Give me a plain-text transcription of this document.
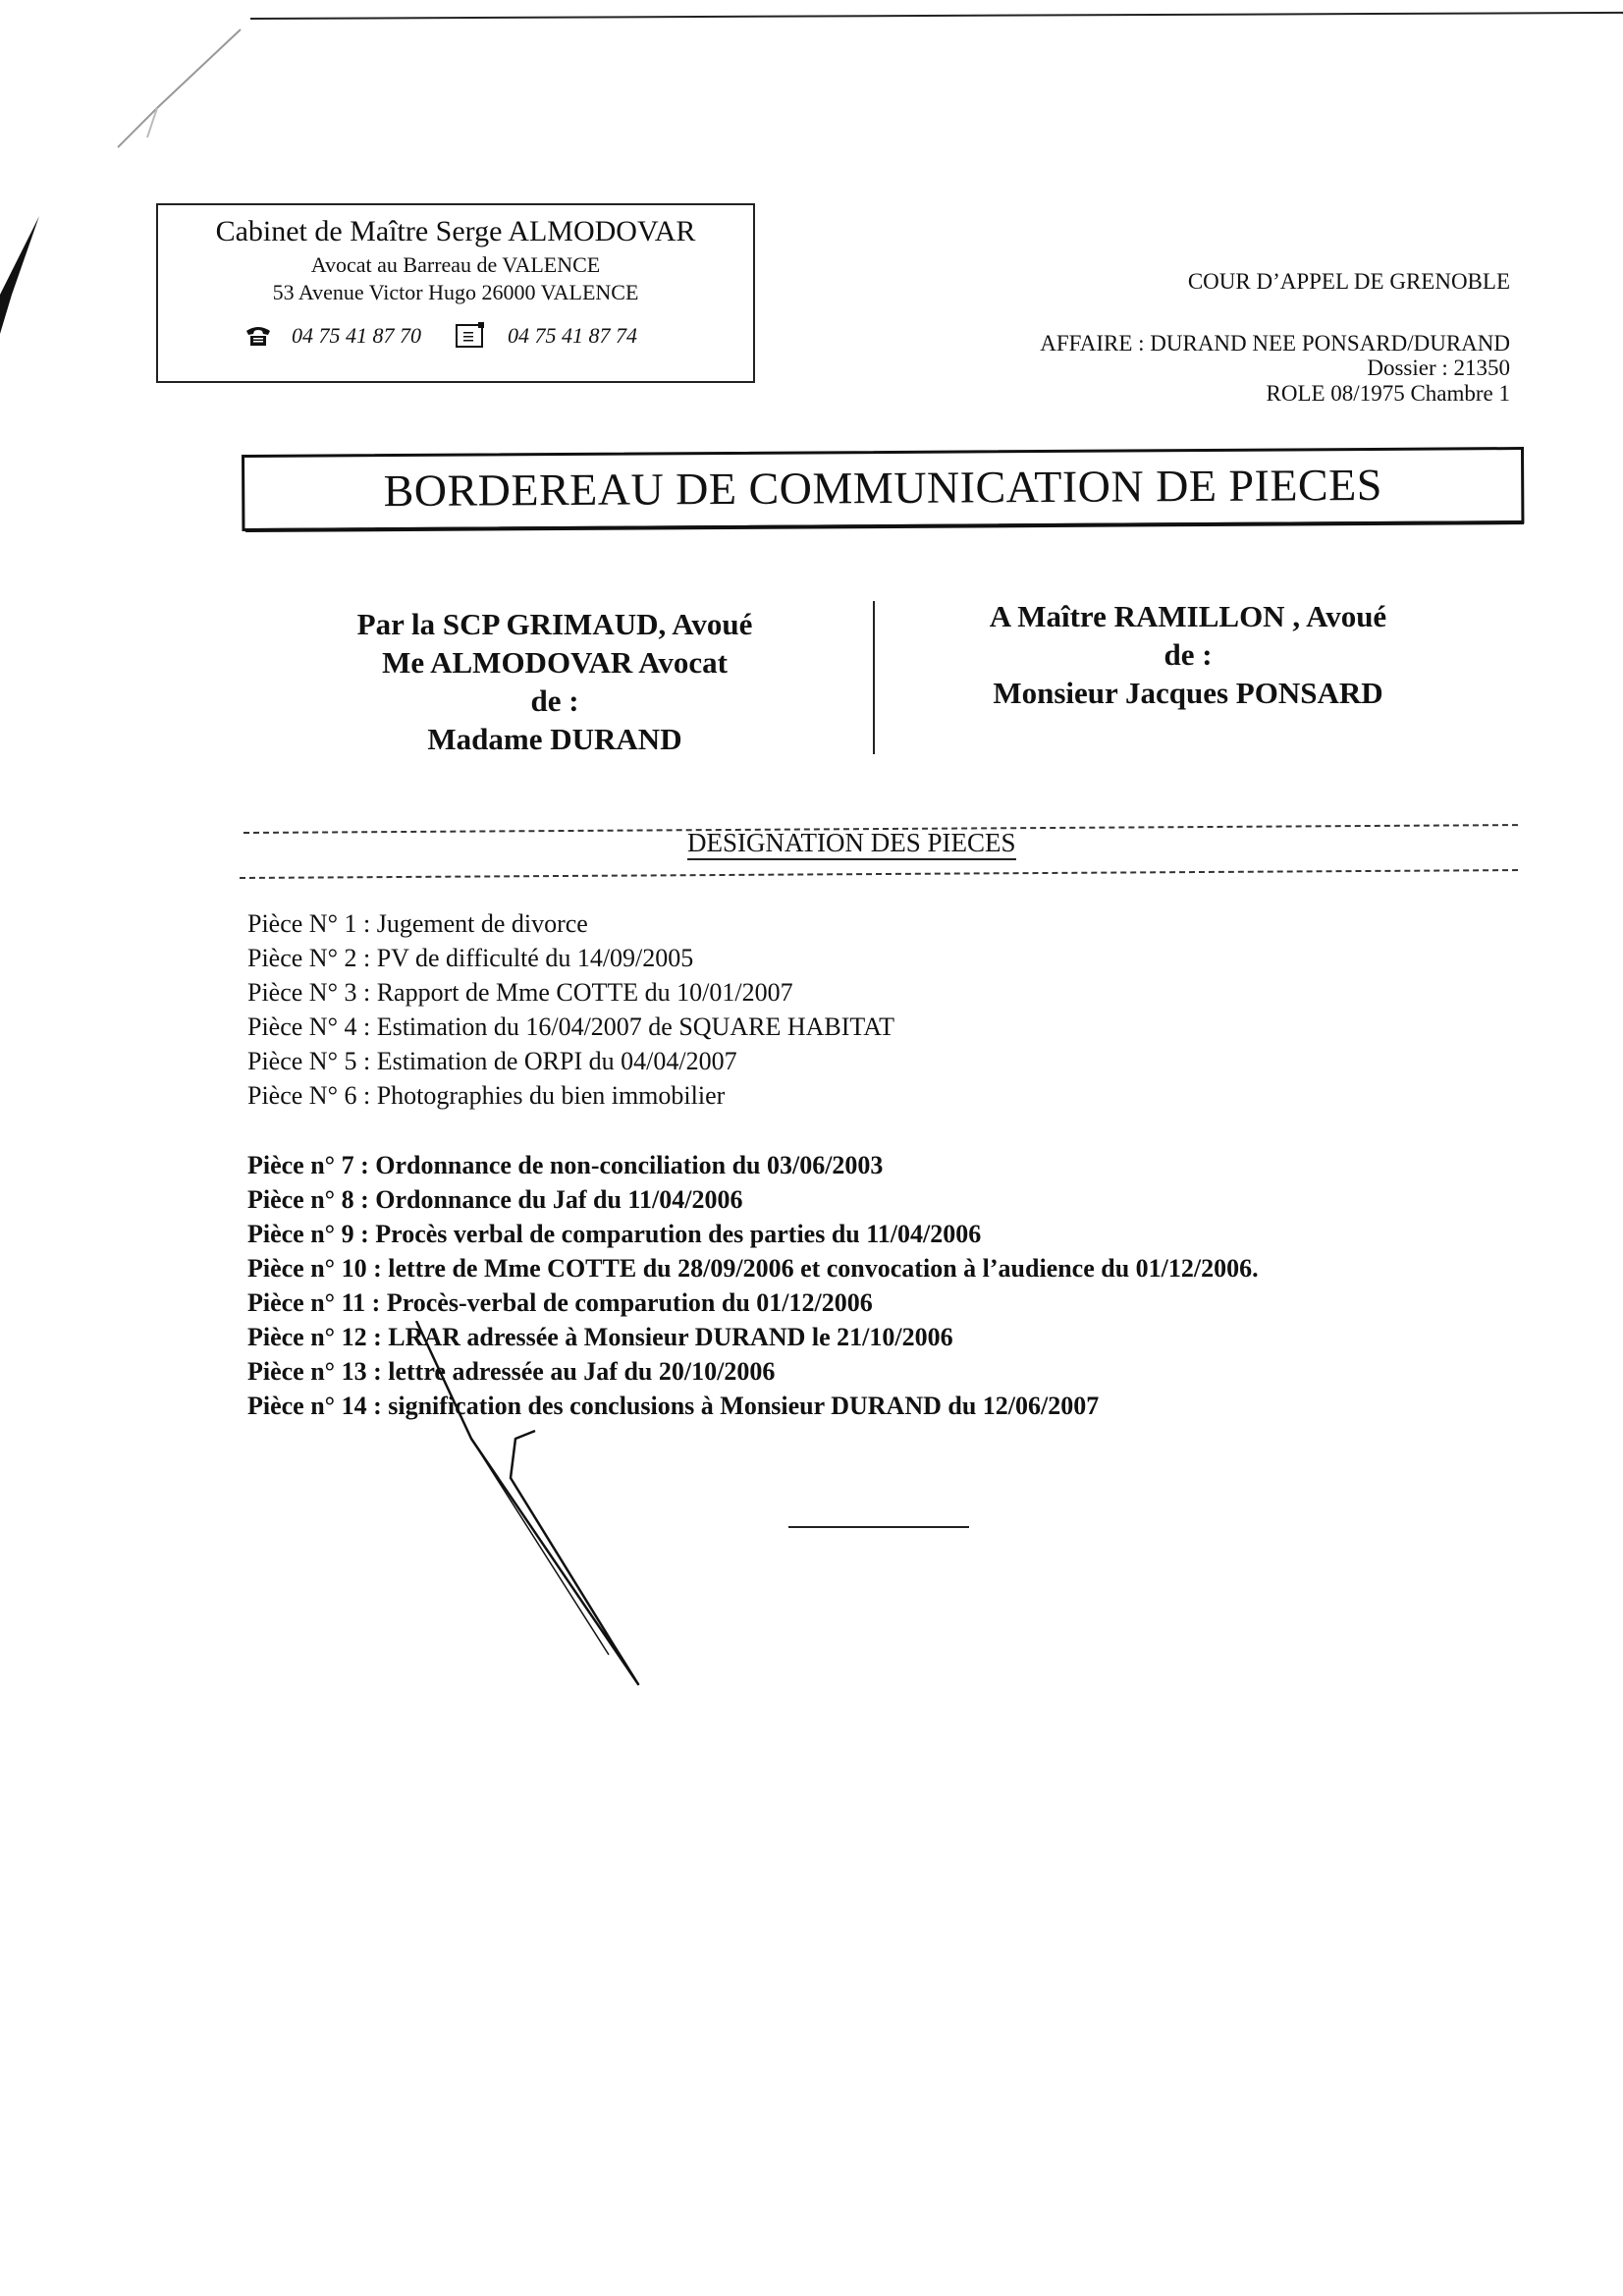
Cabinet de Maître Serge ALMODOVAR
Avocat au Barreau de VALENCE
53 Avenue Victor Hugo 26000 VALENCE
04 75 41 87 70	04 75 41 87 74
COUR D’APPEL DE GRENOBLE
AFFAIRE : DURAND NEE PONSARD/DURAND
Dossier : 21350
ROLE 08/1975 Chambre 1
BORDEREAU DE COMMUNICATION DE PIECES
Par la SCP GRIMAUD, Avoué
Me ALMODOVAR Avocat
de :
Madame DURAND
A Maître RAMILLON , Avoué
de :
Monsieur Jacques PONSARD
DESIGNATION DES PIECES
Pièce N° 1 : Jugement de divorce
Pièce N° 2 : PV de difficulté du 14/09/2005
Pièce N° 3 : Rapport de Mme COTTE du 10/01/2007
Pièce N° 4 : Estimation du 16/04/2007 de SQUARE HABITAT
Pièce N° 5 : Estimation de ORPI du 04/04/2007
Pièce N° 6 : Photographies du bien immobilier
Pièce n° 7 : Ordonnance de non-conciliation du 03/06/2003
Pièce n° 8 : Ordonnance du Jaf du 11/04/2006
Pièce n° 9 : Procès verbal de comparution des parties du 11/04/2006
Pièce n° 10 : lettre de Mme COTTE du 28/09/2006 et convocation à l’audience du 01/12/2006.
Pièce n° 11 : Procès-verbal de comparution du 01/12/2006
Pièce n° 12 : LRAR adressée à Monsieur DURAND le 21/10/2006
Pièce n° 13 : lettre adressée au Jaf du 20/10/2006
Pièce n° 14 : signification des conclusions à Monsieur DURAND du 12/06/2007
